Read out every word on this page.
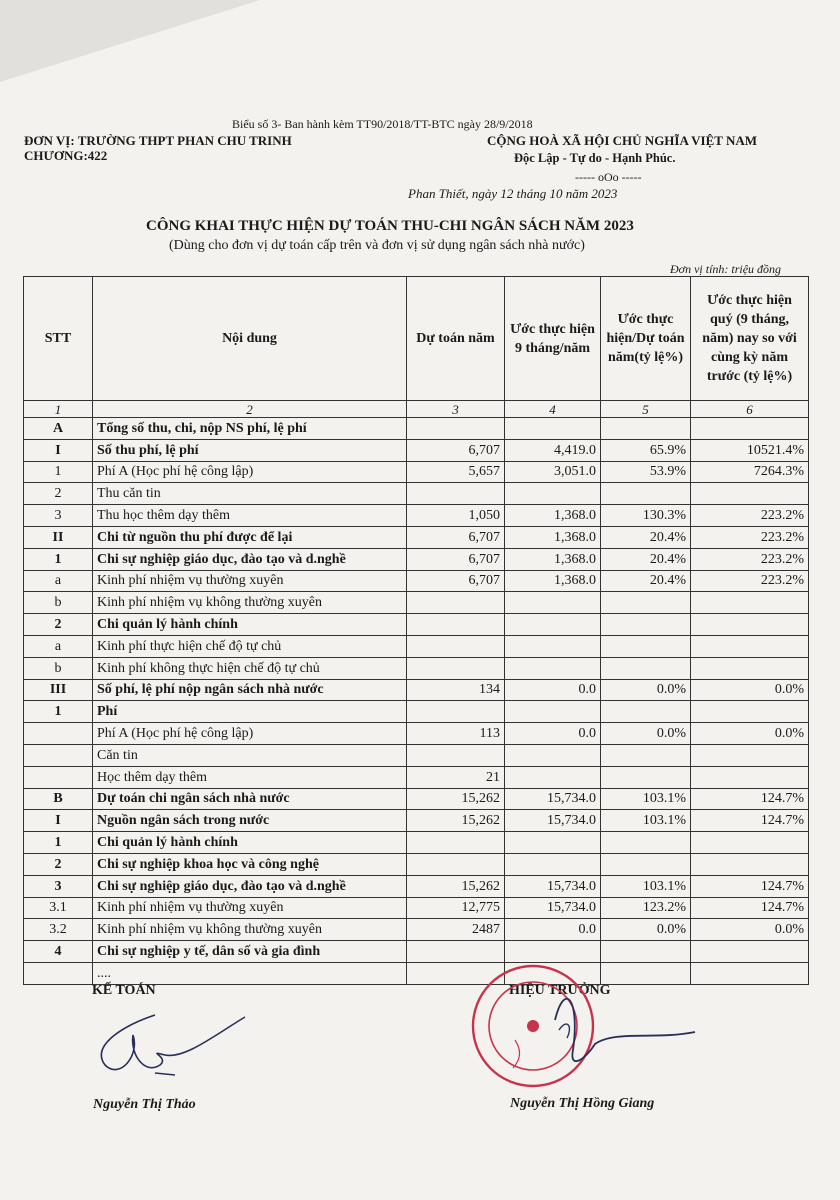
Biểu số 3- Ban hành kèm TT90/2018/TT-BTC ngày 28/9/2018
ĐƠN VỊ: TRƯỜNG THPT PHAN CHU TRINH
CHƯƠNG:422
CỘNG HOÀ XÃ HỘI CHỦ NGHĨA VIỆT NAM
Độc Lập - Tự do - Hạnh Phúc.
----- oOo -----
Phan Thiết, ngày 12 tháng 10 năm 2023
CÔNG KHAI THỰC HIỆN DỰ TOÁN THU-CHI NGÂN SÁCH NĂM 2023
(Dùng cho đơn vị dự toán cấp trên và đơn vị sử dụng ngân sách nhà nước)
Đơn vị tính: triệu đồng
STT	Nội dung	Dự toán năm	Ước thực hiện 9 tháng/năm	Ước thực hiện/Dự toán năm(tỷ lệ%)	Ước thực hiện quý (9 tháng, năm) nay so với cùng kỳ năm trước (tỷ lệ%)
1	2	3	4	5	6
A	Tổng số thu, chi, nộp NS phí, lệ phí				
I	Số thu phí, lệ phí	6,707	4,419.0	65.9%	10521.4%
1	Phí A (Học phí hệ công lập)	5,657	3,051.0	53.9%	7264.3%
2	Thu căn tin				
3	Thu học thêm dạy thêm	1,050	1,368.0	130.3%	223.2%
II	Chi từ nguồn thu phí được để lại	6,707	1,368.0	20.4%	223.2%
1	Chi sự nghiệp giáo dục, đào tạo và d.nghề	6,707	1,368.0	20.4%	223.2%
a	Kinh phí nhiệm vụ thường xuyên	6,707	1,368.0	20.4%	223.2%
b	Kinh phí nhiệm vụ không thường xuyên				
2	Chi quản lý hành chính				
a	Kinh phí thực hiện chế độ tự chủ				
b	Kinh phí không thực hiện chế độ tự chủ				
III	Số phí, lệ phí nộp ngân sách nhà nước	134	0.0	0.0%	0.0%
1	Phí				
	Phí A (Học phí hệ công lập)	113	0.0	0.0%	0.0%
	Căn tin				
	Học thêm dạy thêm	21			
B	Dự toán chi ngân sách nhà nước	15,262	15,734.0	103.1%	124.7%
I	Nguồn ngân sách trong nước	15,262	15,734.0	103.1%	124.7%
1	Chi quản lý hành chính				
2	Chi sự nghiệp khoa học và công nghệ				
3	Chi sự nghiệp giáo dục, đào tạo và d.nghề	15,262	15,734.0	103.1%	124.7%
3.1	Kinh phí nhiệm vụ thường xuyên	12,775	15,734.0	123.2%	124.7%
3.2	Kinh phí nhiệm vụ không thường xuyên	2487	0.0	0.0%	0.0%
4	Chi sự nghiệp y tế, dân số và gia đình				
	....				
KẾ TOÁN	HIỆU TRƯỞNG
Nguyễn Thị Thảo	Nguyễn Thị Hồng Giang
